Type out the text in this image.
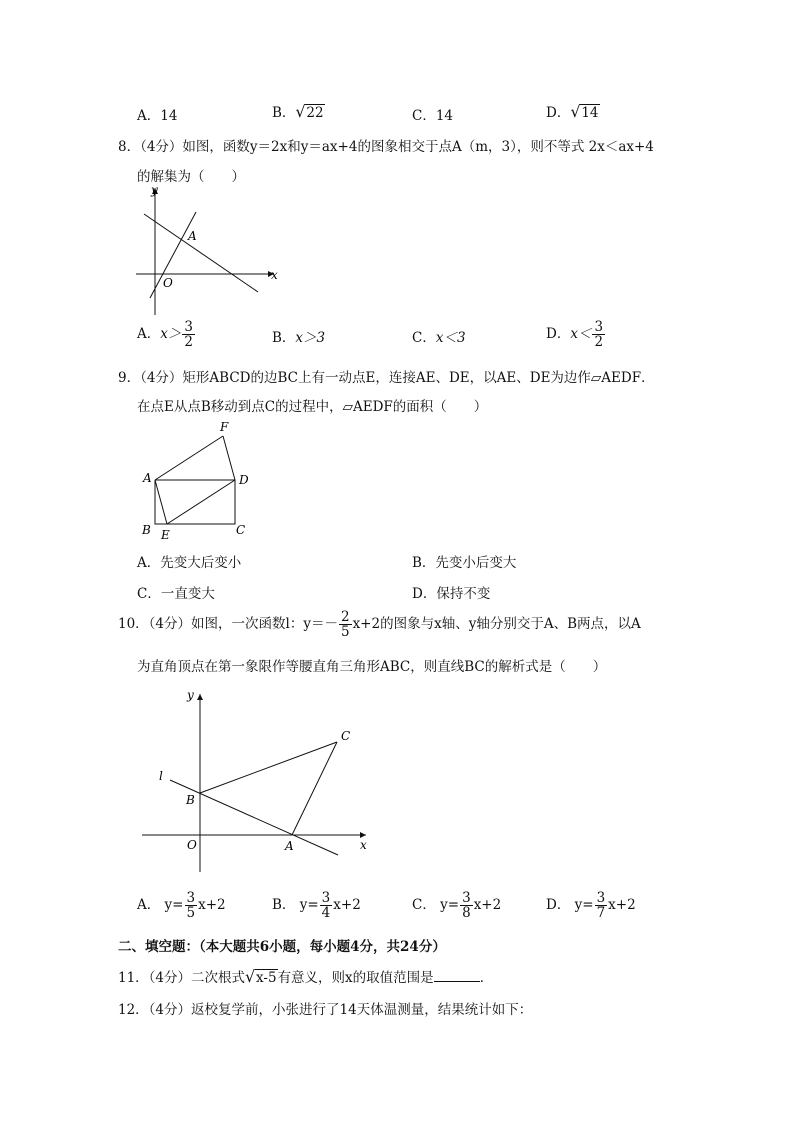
A．14	B． √ 22	C．14	D． √ 14
8．（4分）如图，函数y＝2x和y＝ax+4的图象相交于点A（m，3），则不等式 2x＜ax+4
的解集为（　　）
y
x
A
O
A．$x> \frac{3}{2}$	B．x＞3	C．x＜3	D．$x< \frac{3}{2}$
9．（4分）矩形ABCD的边BC上有一动点E，连接AE、DE，以AE、DE为边作▱AEDF．
在点E从点B移动到点C的过程中，▱AEDF的面积（　　）
F
A	D
B E	C
A．先变大后变小	B．先变小后变大
C．一直变大	D．保持不变
10．（4分）如图，一次函数l：$y=- \frac{2}{5} x+2$的图象与x轴、y轴分别交于A、B两点，以A
为直角顶点在第一象限作等腰直角三角形ABC，则直线BC的解析式是（　　）
y
x
l
B
O	A
C
A． $y= \frac{3}{5} x+2$	B． $y= \frac{3}{4} x+2$	C． $y= \frac{3}{8} x+2$	D． $y= \frac{3}{7} x+2$
二、填空题：（本大题共6小题，每小题4分，共24分）
11．（4分）二次根式 √ x-5有意义，则x的取值范围是	．
12．（4分）返校复学前，小张进行了14天体温测量，结果统计如下：
